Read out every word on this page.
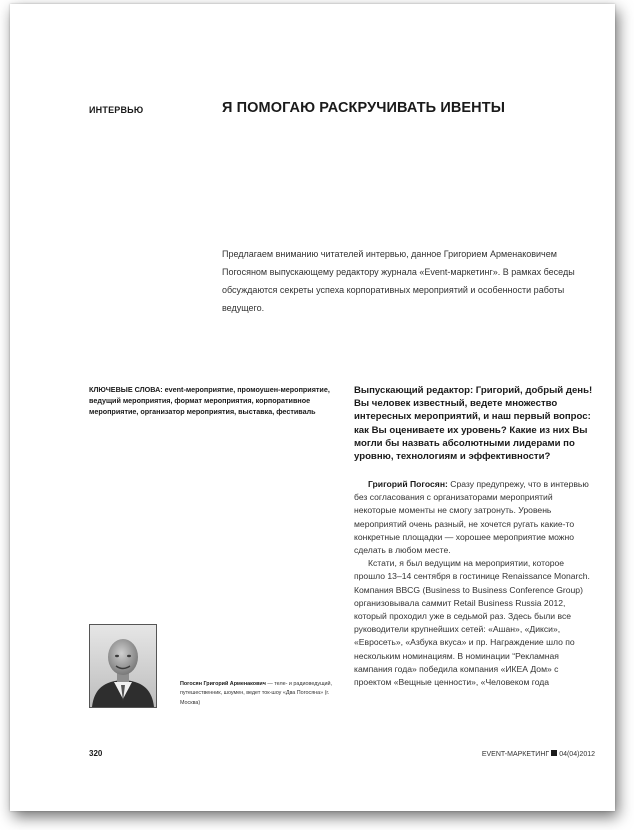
ИНТЕРВЬЮ	Я ПОМОГАЮ РАСКРУЧИВАТЬ ИВЕНТЫ

Предлагаем вниманию читателей интервью, данное Григорием Арменаковичем Погосяном выпускающему редактору журнала «Event-маркетинг». В рамках беседы обсуждаются секреты успеха корпоративных мероприятий и особенности работы ведущего.

КЛЮЧЕВЫЕ СЛОВА: event-мероприятие, промоушен-мероприятие, ведущий мероприятия, формат мероприятия, корпоративное мероприятие, организатор мероприятия, выставка, фестиваль

Выпускающий редактор: Григорий, добрый день! Вы человек известный, ведете множество интересных мероприятий, и наш первый вопрос: как Вы оцениваете их уровень? Какие из них Вы могли бы назвать абсолютными лидерами по уровню, технологиям и эффективности?

Григорий Погосян: Сразу предупрежу, что в интервью без согласования с организаторами мероприятий некоторые моменты не смогу затронуть. Уровень мероприятий очень разный, не хочется ругать какие-то конкретные площадки — хорошее мероприятие можно сделать в любом месте.

Кстати, я был ведущим на мероприятии, которое прошло 13–14 сентября в гостинице Renaissance Monarch. Компания BBCG (Business to Business Conference Group) организовывала саммит Retail Business Russia 2012, который проходил уже в седьмой раз. Здесь были все руководители крупнейших сетей: «Ашан», «Дикси», «Евросеть», «Азбука вкуса» и пр. Награждение шло по нескольким номинациям. В номинации “Рекламная кампания года» победила компания «ИКЕА Дом» с проектом «Вещные ценности», «Человеком года

Погосян Григорий Арменакович — теле- и радиоведущий, путешественник, шоумен, ведет ток-шоу «Два Погосяна» (г. Москва)

320	EVENT-МАРКЕТИНГ 04(04)2012
